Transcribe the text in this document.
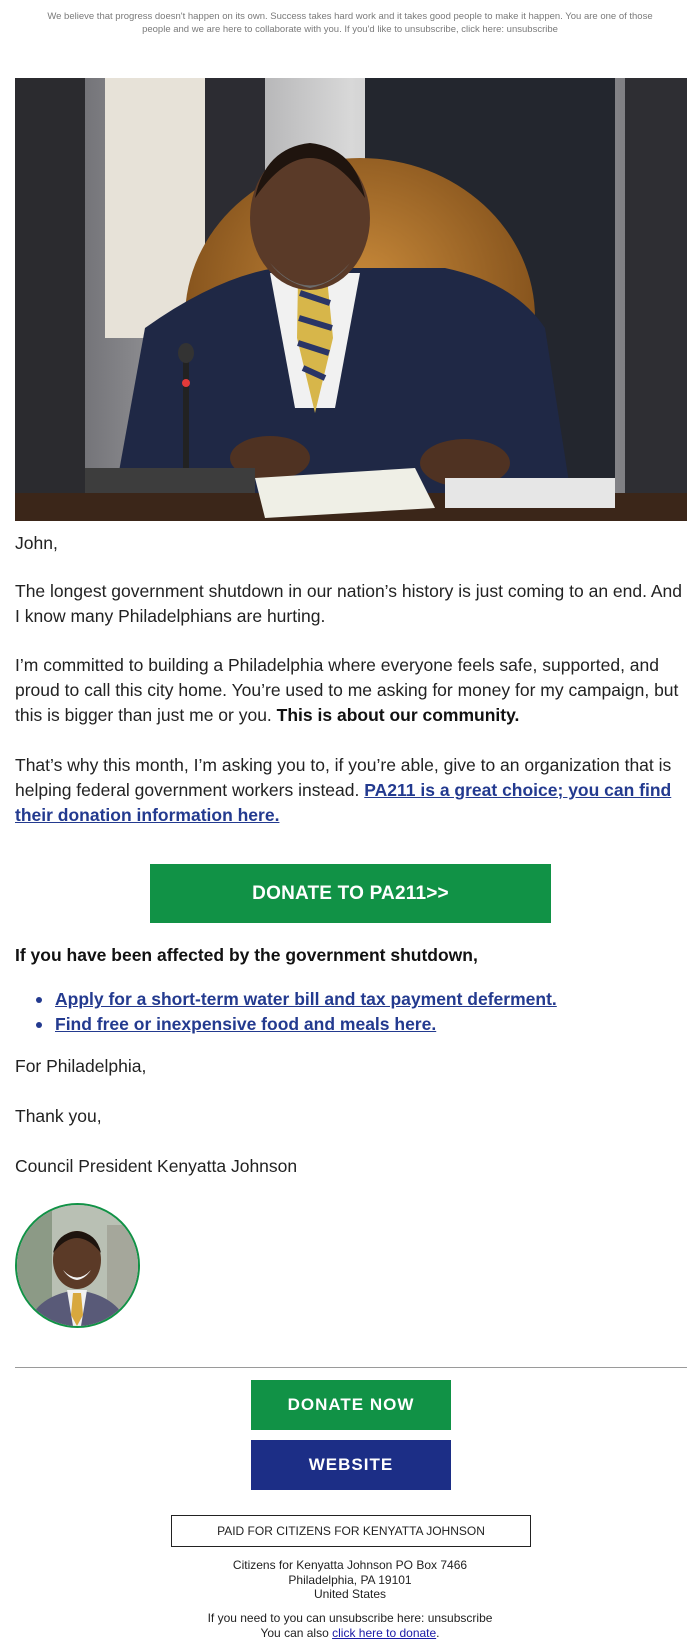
We believe that progress doesn't happen on its own. Success takes hard work and it takes good people to make it happen. You are one of those people and we are here to collaborate with you. If you'd like to unsubscribe, click here: unsubscribe
John,
The longest government shutdown in our nation’s history is just coming to an end. And I know many Philadelphians are hurting.
I’m committed to building a Philadelphia where everyone feels safe, supported, and proud to call this city home. You’re used to me asking for money for my campaign, but this is bigger than just me or you. This is about our community.
That’s why this month, I’m asking you to, if you’re able, give to an organization that is helping federal government workers instead. PA211 is a great choice; you can find their donation information here.
DONATE TO PA211>>
If you have been affected by the government shutdown,
Apply for a short-term water bill and tax payment deferment.
Find free or inexpensive food and meals here.
For Philadelphia,
Thank you,
Council President Kenyatta Johnson
DONATE NOW
WEBSITE
PAID FOR CITIZENS FOR KENYATTA JOHNSON
Citizens for Kenyatta Johnson PO Box 7466
Philadelphia, PA 19101
United States
If you need to you can unsubscribe here: unsubscribe
You can also click here to donate.
